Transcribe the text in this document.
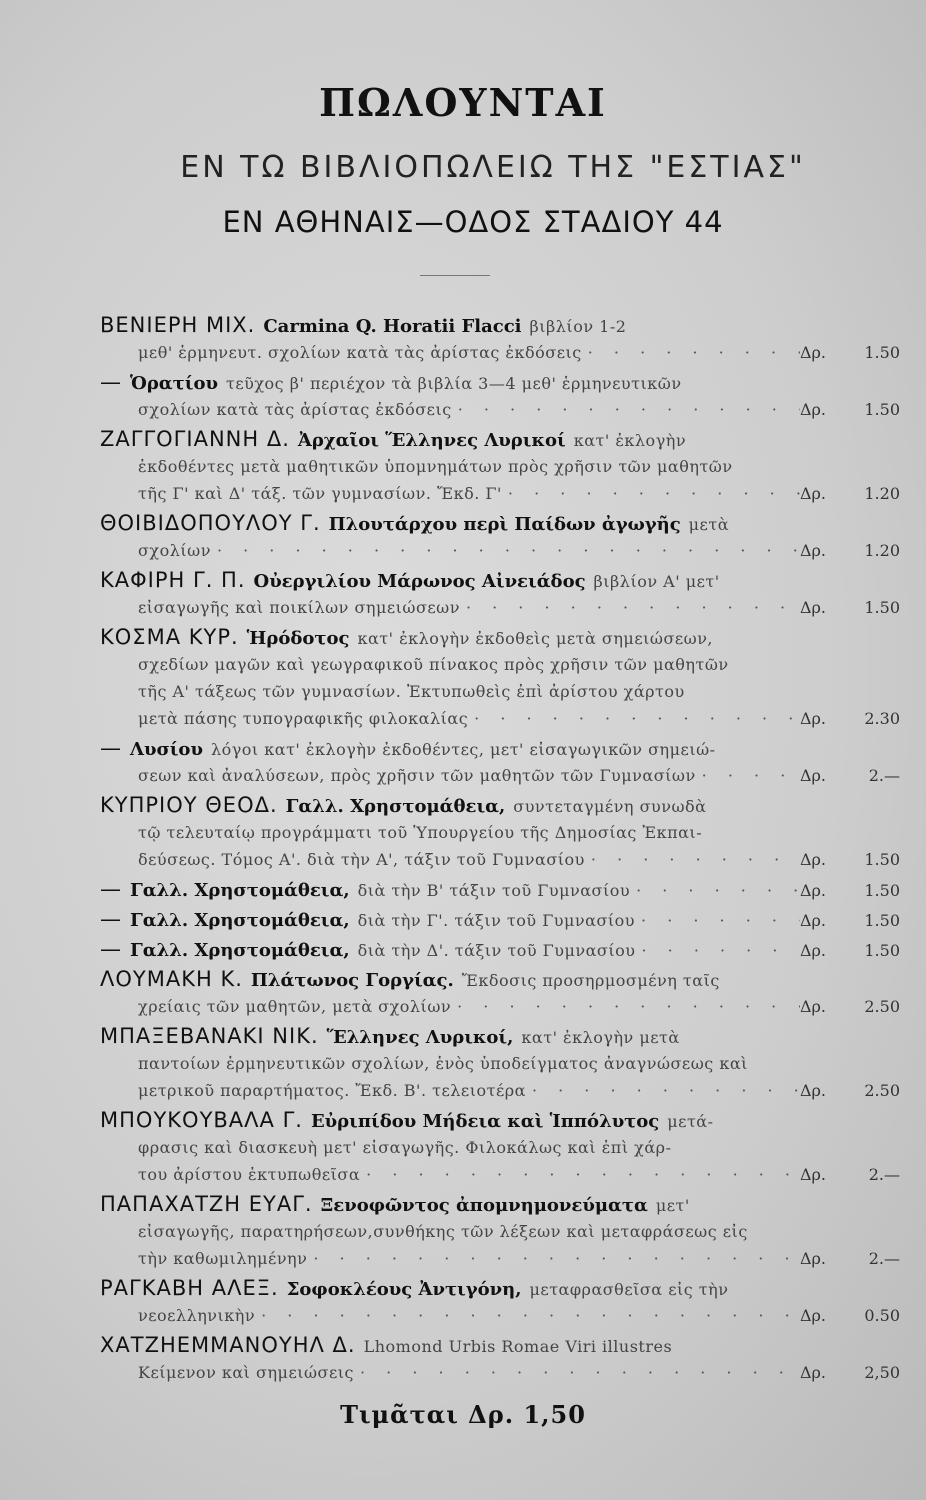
ΠΩΛΟΥΝΤΑΙ
ΕΝ ΤΩ ΒΙΒΛΙΟΠΩΛΕΙΩ ΤΗΣ "ΕΣΤΙΑΣ"
ΕΝ ΑΘΗΝΑΙΣ—ΟΔΟΣ ΣΤΑΔΙΟΥ 44
ΒΕΝΙΕΡΗ ΜΙΧ. Carmina Q. Horatii Flacci βιβλίον 1-2
μεθ' ἑρμηνευτ. σχολίων κατὰ τὰς ἀρίστας ἐκδόσεις · · ·	Δρ.	1.50
— Ὁρατίου τεῦχος β' περιέχον τὰ βιβλία 3—4 μεθ' ἑρμηνευτικῶν
σχολίων κατὰ τὰς ἀρίστας ἐκδόσεις · · ·	Δρ.	1.50
ΖΑΓΓΟΓΙΑΝΝΗ Δ. Ἀρχαῖοι Ἕλληνες Λυρικοί κατ' ἐκλογὴν
ἐκδοθέντες μετὰ μαθητικῶν ὑπομνημάτων πρὸς χρῆσιν τῶν μαθητῶν
τῆς Γ' καὶ Δ' τάξ. τῶν γυμνασίων. Ἔκδ. Γ' · · ·	Δρ.	1.20
ΘΟΙΒΙΔΟΠΟΥΛΟΥ Γ. Πλουτάρχου περὶ Παίδων ἀγωγῆς μετὰ
σχολίων · · ·	Δρ.	1.20
ΚΑΦΙΡΗ Γ. Π. Οὐεργιλίου Μάρωνος Αἰνειάδος βιβλίον Α' μετ'
εἰσαγωγῆς καὶ ποικίλων σημειώσεων · · ·	Δρ.	1.50
ΚΟΣΜΑ ΚΥΡ. Ἡρόδοτος κατ' ἐκλογὴν ἐκδοθεὶς μετὰ σημειώσεων,
σχεδίων μαγῶν καὶ γεωγραφικοῦ πίνακος πρὸς χρῆσιν τῶν μαθητῶν
τῆς Α' τάξεως τῶν γυμνασίων. Ἐκτυπωθεὶς ἐπὶ ἀρίστου χάρτου
μετὰ πάσης τυπογραφικῆς φιλοκαλίας · · ·	Δρ.	2.30
— Λυσίου λόγοι κατ' ἐκλογὴν ἐκδοθέντες, μετ' εἰσαγωγικῶν σημειώ-
σεων καὶ ἀναλύσεων, πρὸς χρῆσιν τῶν μαθητῶν τῶν Γυμνασίων · · ·	Δρ.	2.—
ΚΥΠΡΙΟΥ ΘΕΟΔ. Γαλλ. Χρηστομάθεια, συντεταγμένη συνωδὰ
τῷ τελευταίῳ προγράμματι τοῦ Ὑπουργείου τῆς Δημοσίας Ἐκπαι-
δεύσεως. Τόμος Α'. διὰ τὴν Α', τάξιν τοῦ Γυμνασίου · · ·	Δρ.	1.50
— Γαλλ. Χρηστομάθεια, διὰ τὴν Β' τάξιν τοῦ Γυμνασίου · · ·	Δρ.	1.50
— Γαλλ. Χρηστομάθεια, διὰ τὴν Γ'. τάξιν τοῦ Γυμνασίου · · ·	Δρ.	1.50
— Γαλλ. Χρηστομάθεια, διὰ τὴν Δ'. τάξιν τοῦ Γυμνασίου · · ·	Δρ.	1.50
ΛΟΥΜΑΚΗ Κ. Πλάτωνος Γοργίας. Ἔκδοσις προσηρμοσμένη ταῖς
χρείαις τῶν μαθητῶν, μετὰ σχολίων · · ·	Δρ.	2.50
ΜΠΑΞΕΒΑΝΑΚΙ ΝΙΚ. Ἕλληνες Λυρικοί, κατ' ἐκλογὴν μετὰ
παντοίων ἑρμηνευτικῶν σχολίων, ἑνὸς ὑποδείγματος ἀναγνώσεως καὶ
μετρικοῦ παραρτήματος. Ἔκδ. Β'. τελειοτέρα · · ·	Δρ.	2.50
ΜΠΟΥΚΟΥΒΑΛΑ Γ. Εὐριπίδου Μήδεια καὶ Ἱππόλυτος μετά-
φρασις καὶ διασκευὴ μετ' εἰσαγωγῆς. Φιλοκάλως καὶ ἐπὶ χάρ-
του ἀρίστου ἐκτυπωθεῖσα · · ·	Δρ.	2.—
ΠΑΠΑΧΑΤΖΗ ΕΥΑΓ. Ξενοφῶντος ἀπομνημονεύματα μετ'
εἰσαγωγῆς, παρατηρήσεων,συνθήκης τῶν λέξεων καὶ μεταφράσεως εἰς
τὴν καθωμιλημένην · · ·	Δρ.	2.—
ΡΑΓΚΑΒΗ ΑΛΕΞ. Σοφοκλέους Ἀντιγόνη, μεταφρασθεῖσα εἰς τὴν
νεοελληνικὴν · · ·	Δρ.	0.50
ΧΑΤΖΗΕΜΜΑΝΟΥΗΛ Δ. Lhomond Urbis Romae Viri illustres
Κείμενον καὶ σημειώσεις · · ·	Δρ.	2,50
Τιμᾶται Δρ. 1,50
